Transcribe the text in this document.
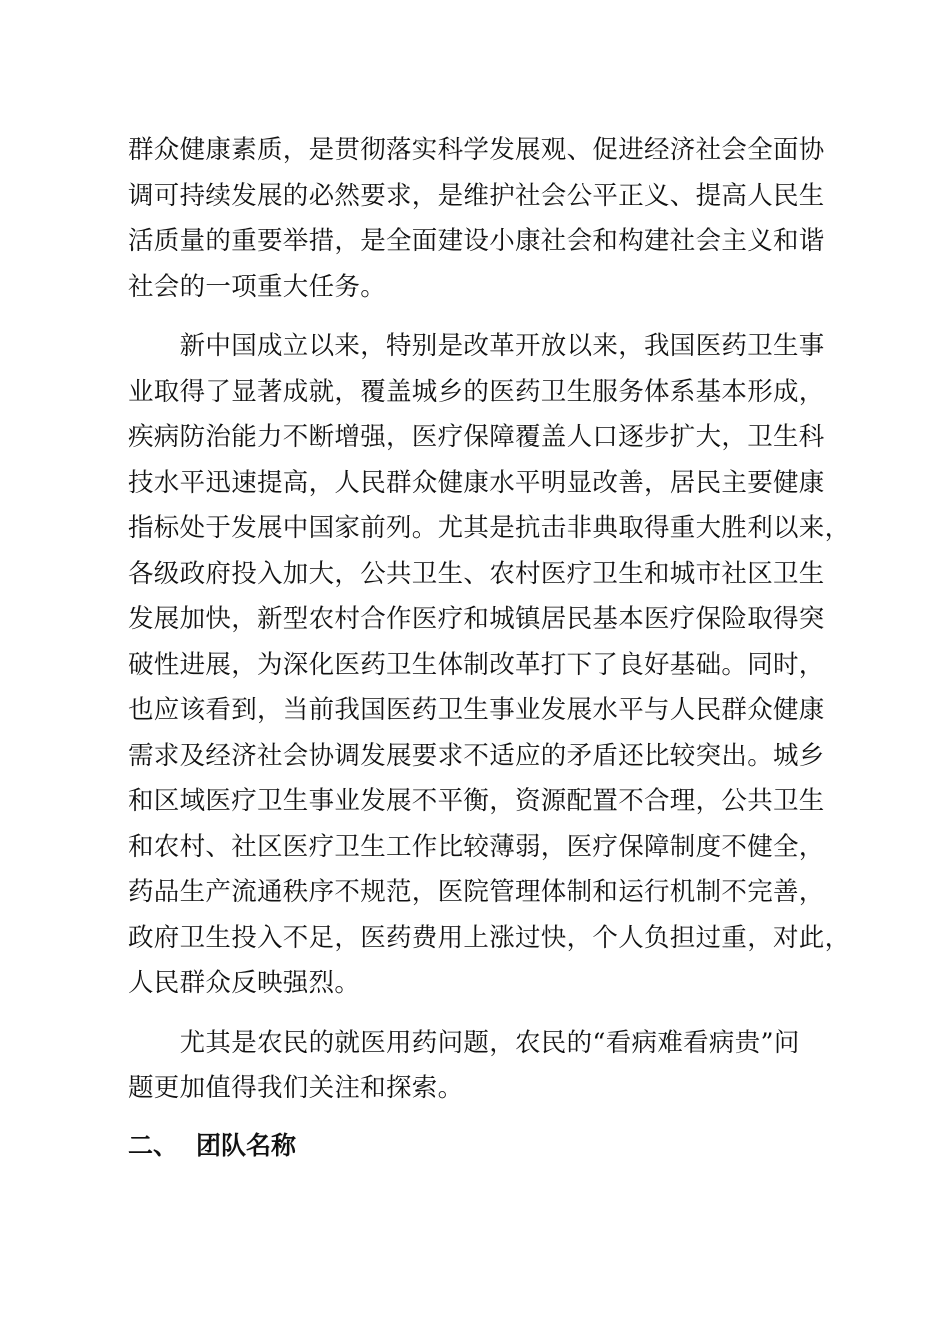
群众健康素质，是贯彻落实科学发展观、促进经济社会全面协

调可持续发展的必然要求，是维护社会公平正义、提高人民生

活质量的重要举措，是全面建设小康社会和构建社会主义和谐

社会的一项重大任务。

　　新中国成立以来，特别是改革开放以来，我国医药卫生事

业取得了显著成就，覆盖城乡的医药卫生服务体系基本形成，

疾病防治能力不断增强，医疗保障覆盖人口逐步扩大，卫生科

技水平迅速提高，人民群众健康水平明显改善，居民主要健康

指标处于发展中国家前列。尤其是抗击非典取得重大胜利以来，

各级政府投入加大，公共卫生、农村医疗卫生和城市社区卫生

发展加快，新型农村合作医疗和城镇居民基本医疗保险取得突

破性进展，为深化医药卫生体制改革打下了良好基础。同时，

也应该看到，当前我国医药卫生事业发展水平与人民群众健康

需求及经济社会协调发展要求不适应的矛盾还比较突出。城乡

和区域医疗卫生事业发展不平衡，资源配置不合理，公共卫生

和农村、社区医疗卫生工作比较薄弱，医疗保障制度不健全，

药品生产流通秩序不规范，医院管理体制和运行机制不完善，

政府卫生投入不足，医药费用上涨过快，个人负担过重，对此，

人民群众反映强烈。

　　尤其是农民的就医用药问题，农民的“看病难看病贵”问

题更加值得我们关注和探索。

二、 团队名称
